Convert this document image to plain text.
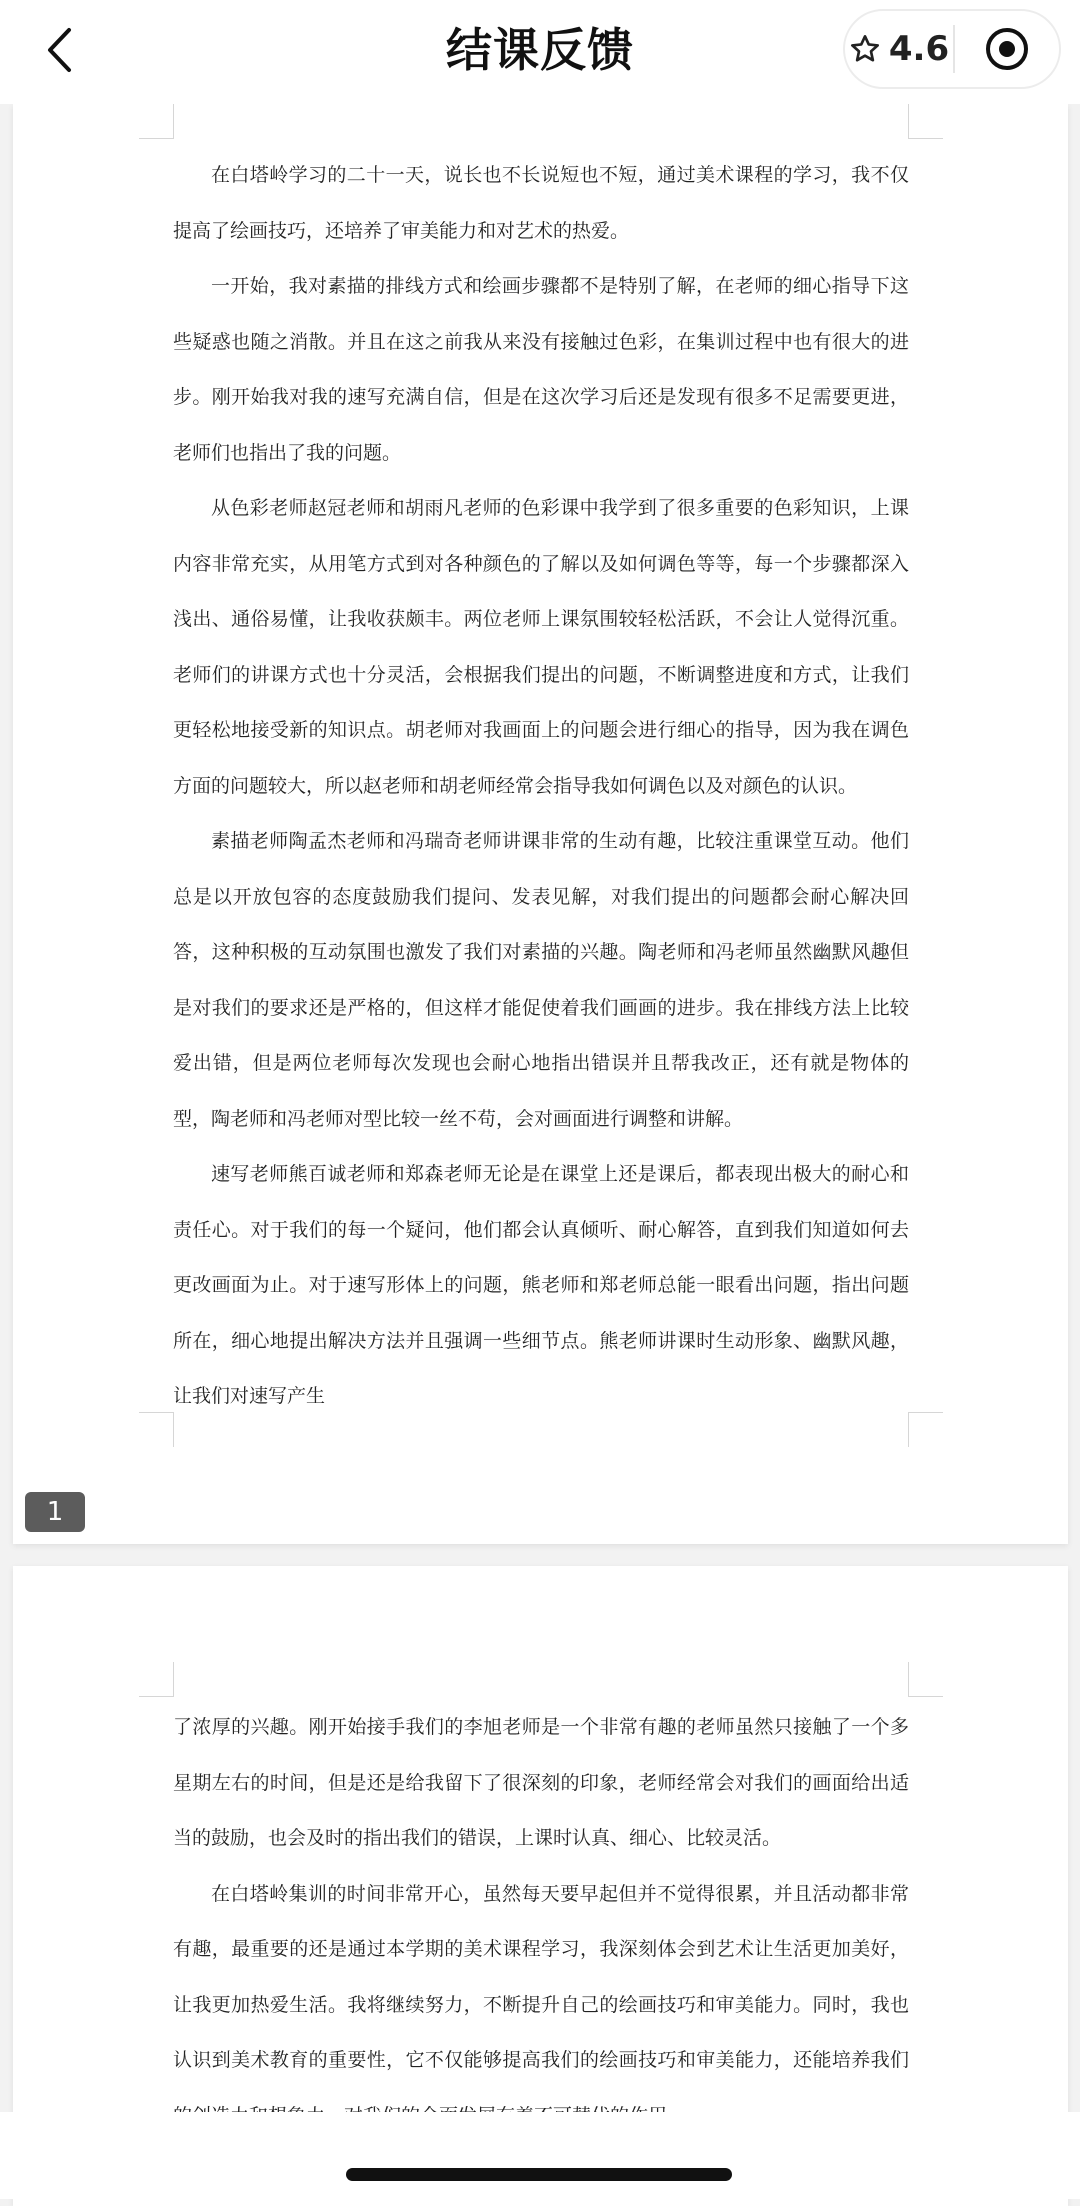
结课反馈	4.6

在白塔岭学习的二十一天，说长也不长说短也不短，通过美术课程的学习，我不仅提高了绘画技巧，还培养了审美能力和对艺术的热爱。

一开始，我对素描的排线方式和绘画步骤都不是特别了解，在老师的细心指导下这些疑惑也随之消散。并且在这之前我从来没有接触过色彩，在集训过程中也有很大的进步。刚开始我对我的速写充满自信，但是在这次学习后还是发现有很多不足需要更进，老师们也指出了我的问题。

从色彩老师赵冠老师和胡雨凡老师的色彩课中我学到了很多重要的色彩知识，上课内容非常充实，从用笔方式到对各种颜色的了解以及如何调色等等，每一个步骤都深入浅出、通俗易懂，让我收获颇丰。两位老师上课氛围较轻松活跃，不会让人觉得沉重。老师们的讲课方式也十分灵活，会根据我们提出的问题，不断调整进度和方式，让我们更轻松地接受新的知识点。胡老师对我画面上的问题会进行细心的指导，因为我在调色方面的问题较大，所以赵老师和胡老师经常会指导我如何调色以及对颜色的认识。

素描老师陶孟杰老师和冯瑞奇老师讲课非常的生动有趣，比较注重课堂互动。他们总是以开放包容的态度鼓励我们提问、发表见解，对我们提出的问题都会耐心解决回答，这种积极的互动氛围也激发了我们对素描的兴趣。陶老师和冯老师虽然幽默风趣但是对我们的要求还是严格的，但这样才能促使着我们画画的进步。我在排线方法上比较爱出错，但是两位老师每次发现也会耐心地指出错误并且帮我改正，还有就是物体的型，陶老师和冯老师对型比较一丝不苟，会对画面进行调整和讲解。

速写老师熊百诚老师和郑森老师无论是在课堂上还是课后，都表现出极大的耐心和责任心。对于我们的每一个疑问，他们都会认真倾听、耐心解答，直到我们知道如何去更改画面为止。对于速写形体上的问题，熊老师和郑老师总能一眼看出问题，指出问题所在，细心地提出解决方法并且强调一些细节点。熊老师讲课时生动形象、幽默风趣，让我们对速写产生

1

了浓厚的兴趣。刚开始接手我们的李旭老师是一个非常有趣的老师虽然只接触了一个多星期左右的时间，但是还是给我留下了很深刻的印象，老师经常会对我们的画面给出适当的鼓励，也会及时的指出我们的错误，上课时认真、细心、比较灵活。

在白塔岭集训的时间非常开心，虽然每天要早起但并不觉得很累，并且活动都非常有趣，最重要的还是通过本学期的美术课程学习，我深刻体会到艺术让生活更加美好，让我更加热爱生活。我将继续努力，不断提升自己的绘画技巧和审美能力。同时，我也认识到美术教育的重要性，它不仅能够提高我们的绘画技巧和审美能力，还能培养我们
